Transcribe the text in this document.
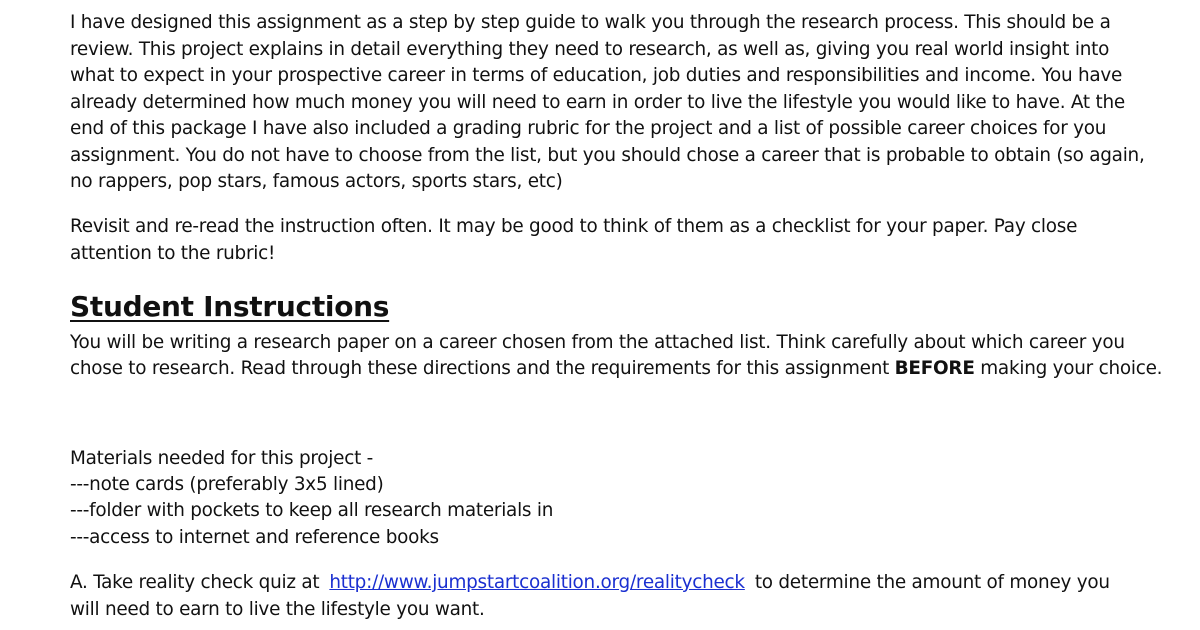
I have designed this assignment as a step by step guide to walk you through the research process. This should be a
review. This project explains in detail everything they need to research, as well as, giving you real world insight into
what to expect in your prospective career in terms of education, job duties and responsibilities and income. You have
already determined how much money you will need to earn in order to live the lifestyle you would like to have. At the
end of this package I have also included a grading rubric for the project and a list of possible career choices for you
assignment. You do not have to choose from the list, but you should chose a career that is probable to obtain (so again,
no rappers, pop stars, famous actors, sports stars, etc)
Revisit and re-read the instruction often. It may be good to think of them as a checklist for your paper. Pay close
attention to the rubric!
Student Instructions
You will be writing a research paper on a career chosen from the attached list. Think carefully about which career you
chose to research. Read through these directions and the requirements for this assignment BEFORE making your choice.
Materials needed for this project -
---note cards (preferably 3x5 lined)
---folder with pockets to keep all research materials in
---access to internet and reference books
A. Take reality check quiz at http://www.jumpstartcoalition.org/realitycheck to determine the amount of money you
will need to earn to live the lifestyle you want.
